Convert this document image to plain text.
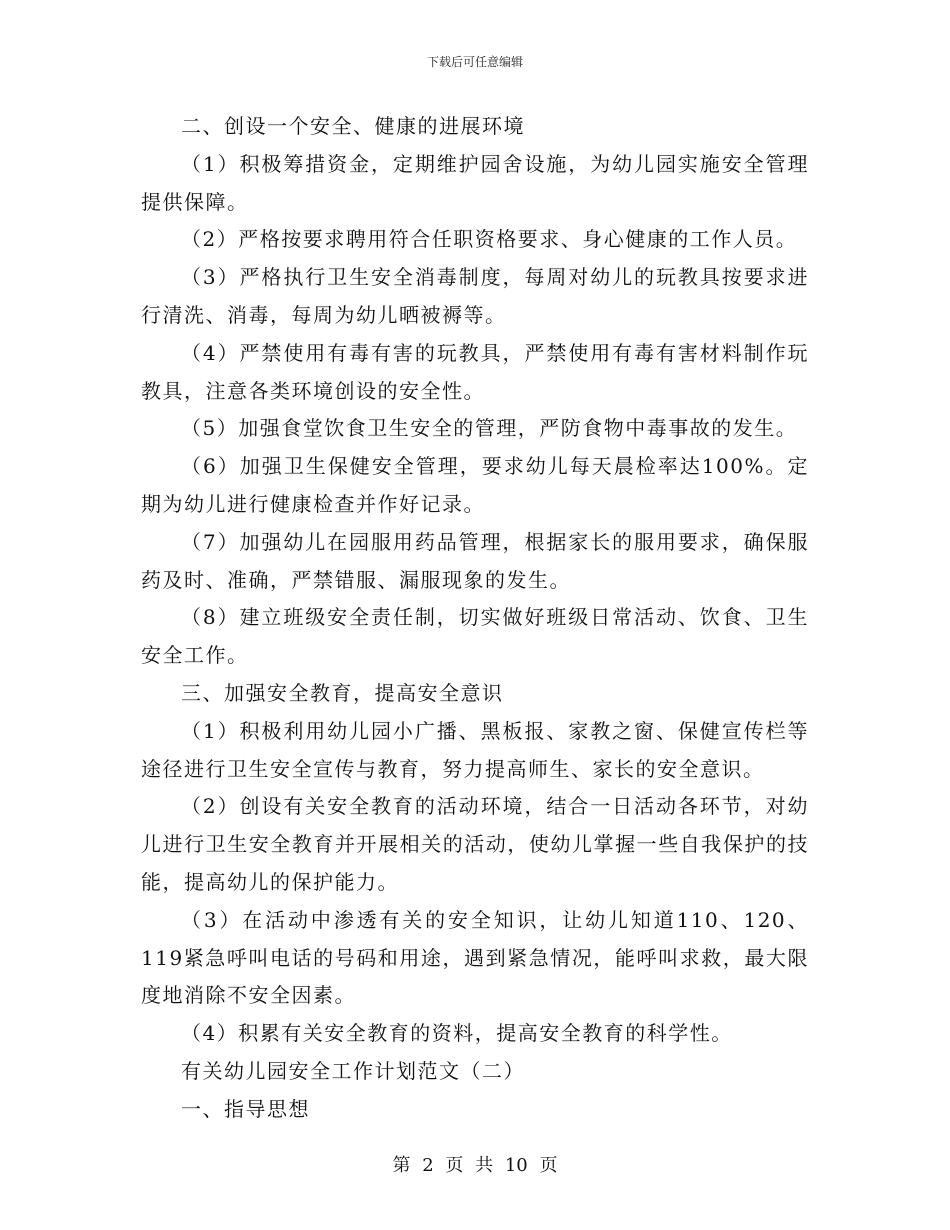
下载后可任意编辑

二、创设一个安全、健康的进展环境

（1）积极筹措资金，定期维护园舍设施，为幼儿园实施安全管理提供保障。

（2）严格按要求聘用符合任职资格要求、身心健康的工作人员。

（3）严格执行卫生安全消毒制度，每周对幼儿的玩教具按要求进行清洗、消毒，每周为幼儿晒被褥等。

（4）严禁使用有毒有害的玩教具，严禁使用有毒有害材料制作玩教具，注意各类环境创设的安全性。

（5）加强食堂饮食卫生安全的管理，严防食物中毒事故的发生。

（6）加强卫生保健安全管理，要求幼儿每天晨检率达100%。定期为幼儿进行健康检查并作好记录。

（7）加强幼儿在园服用药品管理，根据家长的服用要求，确保服药及时、准确，严禁错服、漏服现象的发生。

（8）建立班级安全责任制，切实做好班级日常活动、饮食、卫生安全工作。

三、加强安全教育，提高安全意识

（1）积极利用幼儿园小广播、黑板报、家教之窗、保健宣传栏等途径进行卫生安全宣传与教育，努力提高师生、家长的安全意识。

（2）创设有关安全教育的活动环境，结合一日活动各环节，对幼儿进行卫生安全教育并开展相关的活动，使幼儿掌握一些自我保护的技能，提高幼儿的保护能力。

（3）在活动中渗透有关的安全知识，让幼儿知道110、120、119紧急呼叫电话的号码和用途，遇到紧急情况，能呼叫求救，最大限度地消除不安全因素。

（4）积累有关安全教育的资料，提高安全教育的科学性。

有关幼儿园安全工作计划范文（二）

一、指导思想

第 2 页 共 10 页
